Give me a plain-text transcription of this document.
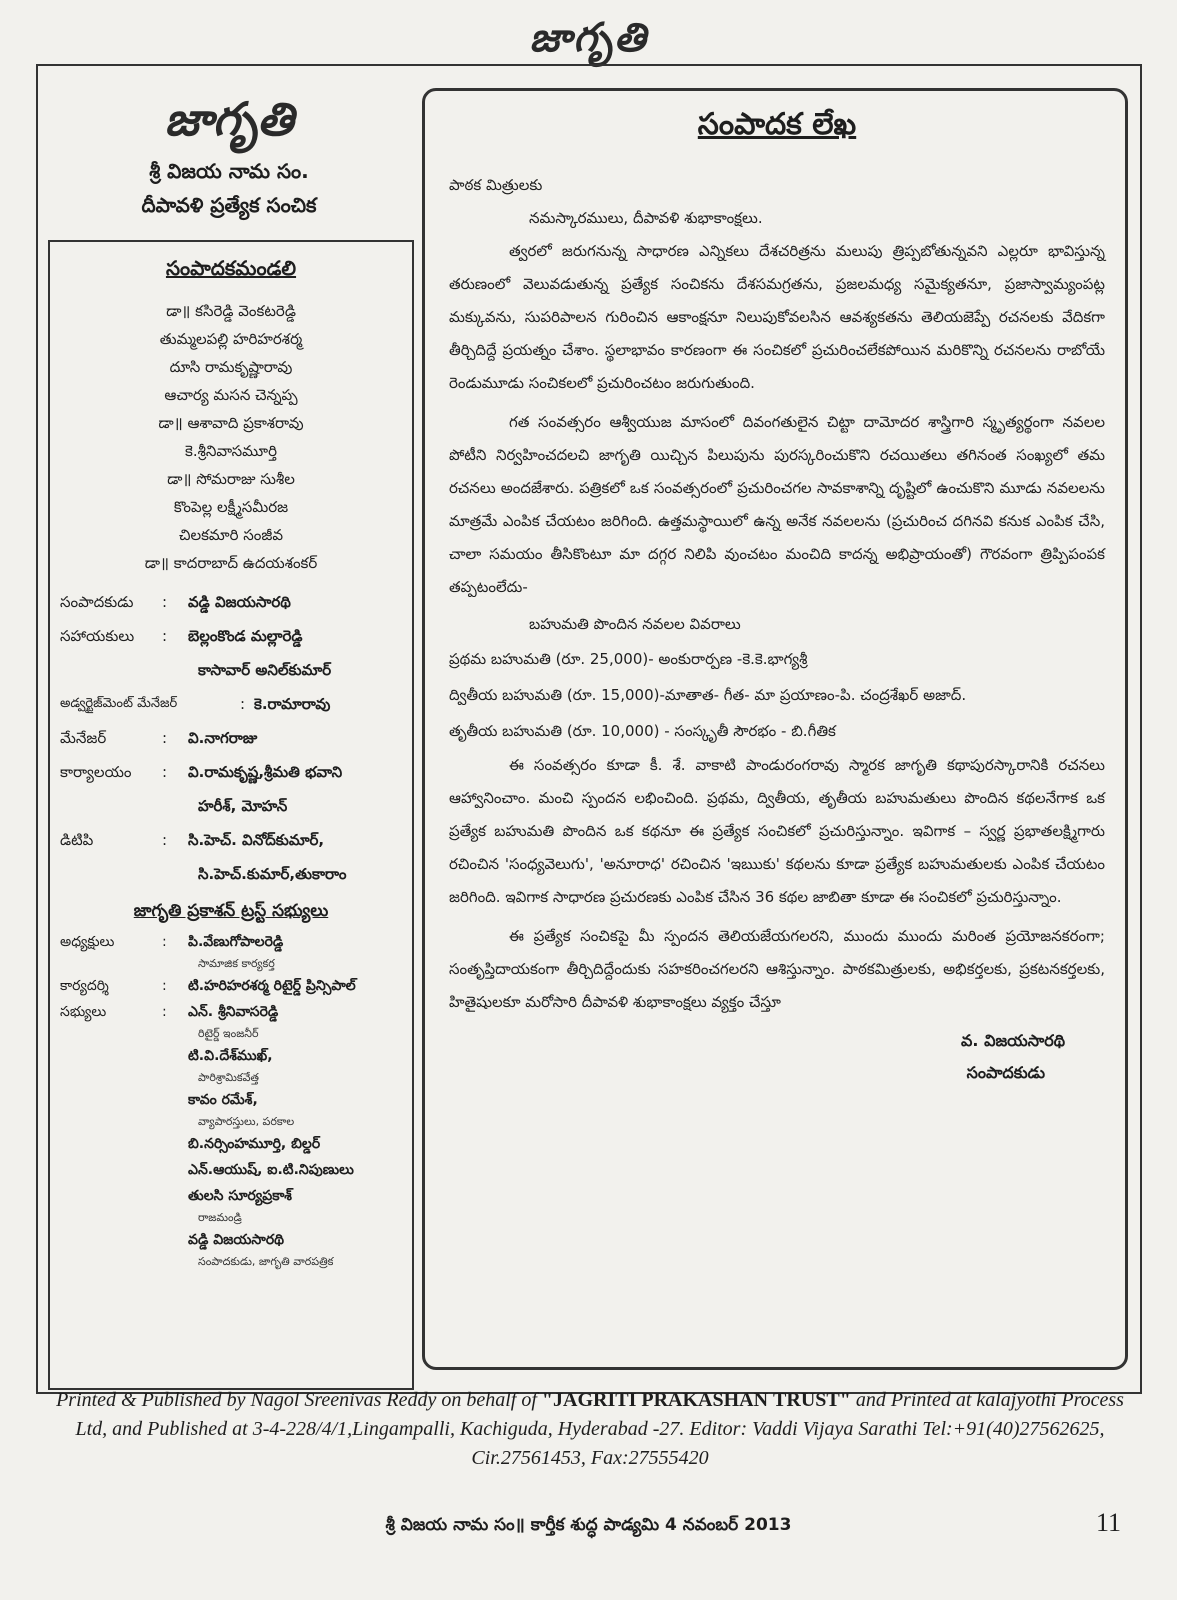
జాగృతి
జాగృతి
శ్రీ విజయ నామ సం.
దీపావళి ప్రత్యేక సంచిక
సంపాదకమండలి
డా॥ కసిరెడ్డి వెంకటరెడ్డి
తుమ్మలపల్లి హరిహరశర్మ
దూసి రామకృష్ణారావు
ఆచార్య మసన చెన్నప్ప
డా॥ ఆశావాది ప్రకాశరావు
కె.శ్రీనివాసమూర్తి
డా॥ సోమరాజు సుశీల
కొంపెల్ల లక్ష్మీసమీరజ
చిలకమారి సంజీవ
డా॥ కాదరాబాద్ ఉదయశంకర్
సంపాదకుడు	:	వడ్డి విజయసారథి
సహాయకులు	:	బెల్లంకొండ మల్లారెడ్డి
కాసావార్ అనిల్‌కుమార్
అడ్వర్టైజ్‌మెంట్ మేనేజర్	: కె.రామారావు
మేనేజర్	:	వి.నాగరాజు
కార్యాలయం	:	వి.రామకృష్ణ,శ్రీమతి భవాని
హరీశ్, మోహన్
డిటిపి	:	సి.హెచ్. వినోద్‌కుమార్,
సి.హెచ్.కుమార్,తుకారాం
జాగృతి ప్రకాశన్ ట్రస్ట్ సభ్యులు
అధ్యక్షులు	:	పి.వేణుగోపాలరెడ్డి
సామాజిక కార్యకర్త
కార్యదర్శి	:	టి.హరిహరశర్మ రిటైర్డ్ ప్రిన్సిపాల్
సభ్యులు	:	ఎన్. శ్రీనివాసరెడ్డి
రిటైర్డ్ ఇంజనీర్
టి.వి.దేశ్‌ముఖ్,
పారిశ్రామికవేత్త
కావం రమేశ్,
వ్యాపారస్తులు, పరకాల
బి.నర్సింహమూర్తి, బిల్డర్
ఎన్.ఆయుష్, ఐ.టి.నిపుణులు
తులసి సూర్యప్రకాశ్
రాజమండ్రి
వడ్డి విజయసారథి
సంపాదకుడు, జాగృతి వారపత్రిక
సంపాదక లేఖ

పాఠక మిత్రులకు

నమస్కారములు, దీపావళి శుభాకాంక్షలు.

త్వరలో జరుగనున్న సాధారణ ఎన్నికలు దేశచరిత్రను మలుపు త్రిప్పబోతున్నవని ఎల్లరూ భావిస్తున్న తరుణంలో వెలువడుతున్న ప్రత్యేక సంచికను దేశసమగ్రతను, ప్రజలమధ్య సమైక్యతనూ, ప్రజాస్వామ్యంపట్ల మక్కువను, సుపరిపాలన గురించిన ఆకాంక్షనూ నిలుపుకోవలసిన ఆవశ్యకతను తెలియజెప్పే రచనలకు వేదికగా తీర్చిదిద్దే ప్రయత్నం చేశాం. స్థలాభావం కారణంగా ఈ సంచికలో ప్రచురించలేకపోయిన మరికొన్ని రచనలను రాబోయే రెండుమూడు సంచికలలో ప్రచురించటం జరుగుతుంది.

గత సంవత్సరం ఆశ్వీయుజ మాసంలో దివంగతులైన చిట్టా దామోదర శాస్త్రిగారి స్మృత్యర్థంగా నవలల పోటీని నిర్వహించదలచి జాగృతి యిచ్చిన పిలుపును పురస్కరించుకొని రచయితలు తగినంత సంఖ్యలో తమ రచనలు అందజేశారు. పత్రికలో ఒక సంవత్సరంలో ప్రచురించగల సావకాశాన్ని దృష్టిలో ఉంచుకొని మూడు నవలలను మాత్రమే ఎంపిక చేయటం జరిగింది. ఉత్తమస్థాయిలో ఉన్న అనేక నవలలను (ప్రచురించ దగినవి కనుక ఎంపిక చేసి, చాలా సమయం తీసికొంటూ మా దగ్గర నిలిపి వుంచటం మంచిది కాదన్న అభిప్రాయంతో) గౌరవంగా త్రిప్పిపంపక తప్పటంలేదు-

బహుమతి పొందిన నవలల వివరాలు

ప్రథమ బహుమతి (రూ. 25,000)- అంకురార్పణ -కె.కె.భాగ్యశ్రీ
ద్వితీయ బహుమతి (రూ. 15,000)-మాతాత- గీత- మా ప్రయాణం-పి. చంద్రశేఖర్ అజాద్.
తృతీయ బహుమతి (రూ. 10,000) - సంస్కృతీ సౌరభం - బి.గీతిక

ఈ సంవత్సరం కూడా కీ. శే. వాకాటి పాండురంగరావు స్మారక జాగృతి కథాపురస్కారానికి రచనలు ఆహ్వానించాం. మంచి స్పందన లభించింది. ప్రథమ, ద్వితీయ, తృతీయ బహుమతులు పొందిన కథలనేగాక ఒక ప్రత్యేక బహుమతి పొందిన ఒక కథనూ ఈ ప్రత్యేక సంచికలో ప్రచురిస్తున్నాం. ఇవిగాక – స్వర్ణ ప్రభాతలక్ష్మిగారు రచించిన 'సంధ్యవెలుగు', 'అనూరాధ' రచించిన 'ఇఋకు' కథలను కూడా ప్రత్యేక బహుమతులకు ఎంపిక చేయటం జరిగింది. ఇవిగాక సాధారణ ప్రచురణకు ఎంపిక చేసిన 36 కథల జాబితా కూడా ఈ సంచికలో ప్రచురిస్తున్నాం.

ఈ ప్రత్యేక సంచికపై మీ స్పందన తెలియజేయగలరని, ముందు ముందు మరింత ప్రయోజనకరంగా; సంతృప్తిదాయకంగా తీర్చిదిద్దేందుకు సహకరించగలరని ఆశిస్తున్నాం. పాఠకమిత్రులకు, అభికర్తలకు, ప్రకటనకర్తలకు, హితైషులకూ మరోసారి దీపావళి శుభాకాంక్షలు వ్యక్తం చేస్తూ

వ. విజయసారథి
సంపాదకుడు
Printed & Published by Nagol Sreenivas Reddy on behalf of "JAGRITI PRAKASHAN TRUST" and Printed at kalajyothi Process Ltd, and Published at 3-4-228/4/1,Lingampalli, Kachiguda, Hyderabad -27. Editor: Vaddi Vijaya Sarathi Tel:+91(40)27562625,
Cir.27561453, Fax:27555420
శ్రీ విజయ నామ సం॥ కార్తీక శుద్ధ పాడ్యమి 4 నవంబర్ 2013	11
